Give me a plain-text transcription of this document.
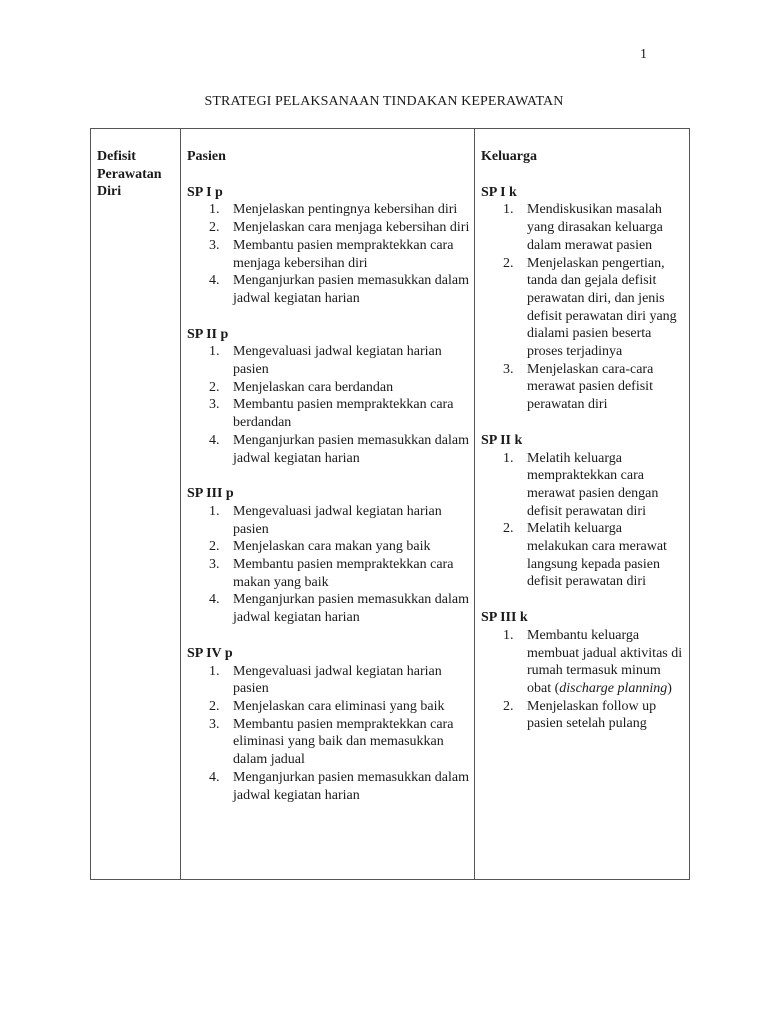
1
STRATEGI PELAKSANAAN TINDAKAN KEPERAWATAN
Defisit
Perawatan
Diri

Pasien

SP I p

1. Menjelaskan pentingnya kebersihan diri
2. Menjelaskan cara menjaga kebersihan diri
3. Membantu pasien mempraktekkan cara menjaga kebersihan diri
4. Menganjurkan pasien memasukkan dalam jadwal kegiatan harian

SP II p

1. Mengevaluasi jadwal kegiatan harian pasien
2. Menjelaskan cara berdandan
3. Membantu pasien mempraktekkan cara berdandan
4. Menganjurkan pasien memasukkan dalam jadwal kegiatan harian

SP III p

1. Mengevaluasi jadwal kegiatan harian pasien
2. Menjelaskan cara makan yang baik
3. Membantu pasien mempraktekkan cara makan yang baik
4. Menganjurkan pasien memasukkan dalam jadwal kegiatan harian

SP IV p

1. Mengevaluasi jadwal kegiatan harian pasien
2. Menjelaskan cara eliminasi yang baik
3. Membantu pasien mempraktekkan cara eliminasi yang baik dan memasukkan dalam jadual
4. Menganjurkan pasien memasukkan dalam jadwal kegiatan harian

Keluarga

SP I k

1. Mendiskusikan masalah yang dirasakan keluarga dalam merawat pasien
2. Menjelaskan pengertian, tanda dan gejala defisit perawatan diri, dan jenis defisit perawatan diri yang dialami pasien beserta proses terjadinya
3. Menjelaskan cara-cara merawat pasien defisit perawatan diri

SP II k

1. Melatih keluarga mempraktekkan cara merawat pasien dengan defisit perawatan diri
2. Melatih keluarga melakukan cara merawat langsung kepada pasien defisit perawatan diri

SP III k

1. Membantu keluarga membuat jadual aktivitas di rumah termasuk minum obat (discharge planning)
2. Menjelaskan follow up pasien setelah pulang
